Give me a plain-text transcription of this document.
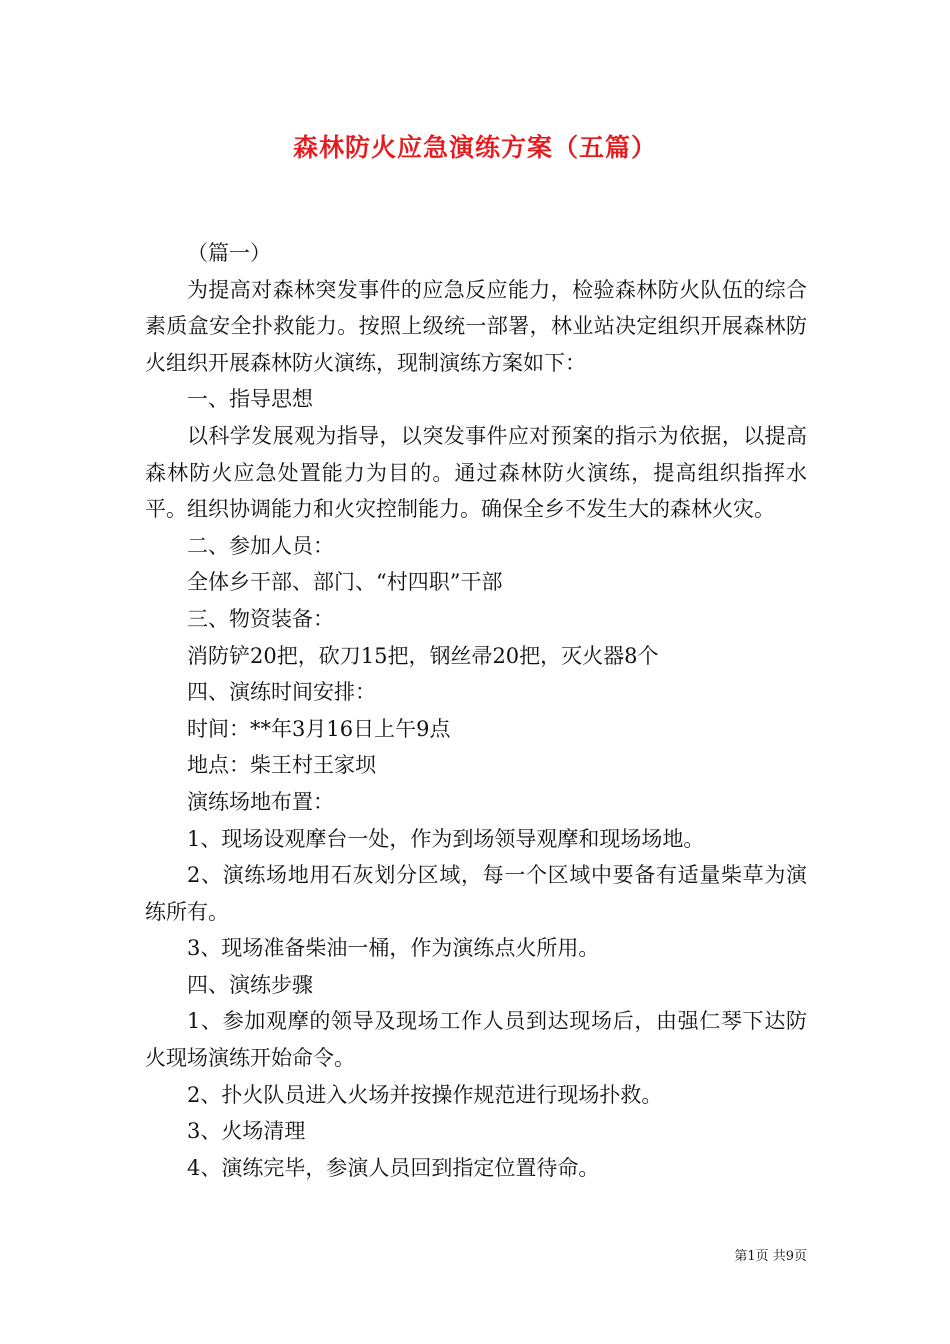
森林防火应急演练方案（五篇）

（篇一）

为提高对森林突发事件的应急反应能力，检验森林防火队伍的综合素质盒安全扑救能力。按照上级统一部署，林业站决定组织开展森林防火组织开展森林防火演练，现制演练方案如下：

一、指导思想

以科学发展观为指导，以突发事件应对预案的指示为依据，以提高森林防火应急处置能力为目的。通过森林防火演练，提高组织指挥水平。组织协调能力和火灾控制能力。确保全乡不发生大的森林火灾。

二、参加人员：

全体乡干部、部门、“村四职”干部

三、物资装备：

消防铲20把，砍刀15把，钢丝帚20把，灭火器8个

四、演练时间安排：

时间：**年3月16日上午9点

地点：柴王村王家坝

演练场地布置：

1、现场设观摩台一处，作为到场领导观摩和现场场地。

2、演练场地用石灰划分区域，每一个区域中要备有适量柴草为演练所有。

3、现场准备柴油一桶，作为演练点火所用。

四、演练步骤

1、参加观摩的领导及现场工作人员到达现场后，由强仁琴下达防火现场演练开始命令。

2、扑火队员进入火场并按操作规范进行现场扑救。

3、火场清理

4、演练完毕，参演人员回到指定位置待命。

第1页 共9页
